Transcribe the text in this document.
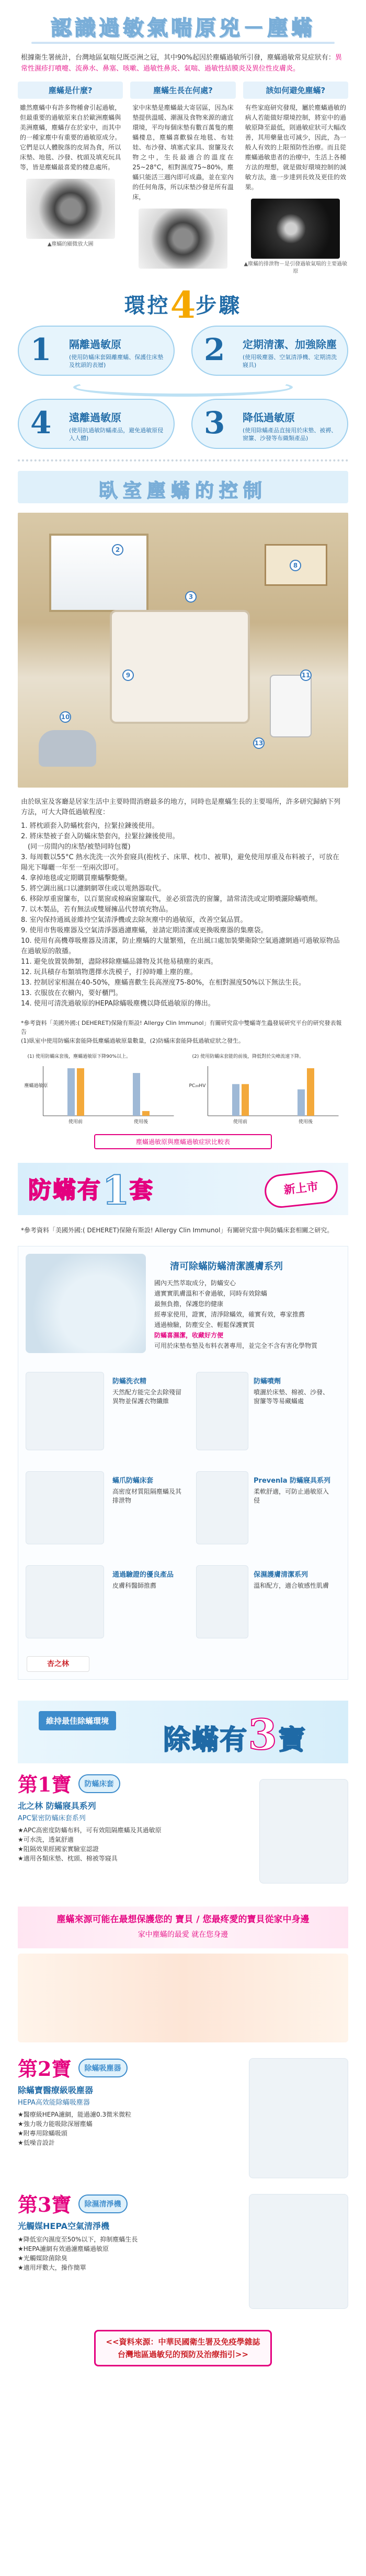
認識過敏氣喘原兇－塵蟎
根據衛生署統計，台灣地區氣喘兒既亞洲之冠，其中90%起因於塵蟎過敏所引發，塵蟎過敏常見症狀有：異常性濕疹打噴嚏、流鼻水、鼻塞、咳嗽、過敏性鼻炎、氣喘、過敏性結膜炎及異位性皮膚炎。
塵蟎是什麼?
雖然塵蟎中有許多物種會引起過敏，但最重要的過敏原來自於歐洲塵蟎與美洲塵蟎，塵蟎存在於家中，而其中的一種家塵中有重要的過敏原成分。它們是以人體脫落的皮屑為食，所以床墊、地毯、沙發、枕頭及填充玩具等，皆是塵蟎最喜愛的棲息處所。
▲塵蟎的顯微放大圖
塵蟎生長在何處?
家中床墊是塵蟎最大寄居區，因為床墊提供溫暖、潮濕及食物來源的適宜環境，平均每個床墊有數百萬隻的塵蟎棲息，塵蟎喜歡躲在地毯、布娃娃、布沙發、填塞式家具、窗簾及衣物之中，生長最適合的溫度在25~28°C，相對濕度75~80%，塵蟎只能活三週內即可成蟲，並在室內的任何角落，所以床墊沙發是所有溫床，
該如何避免塵蟎?
有些家庭研究發現，屬於塵蟎過敏的病人若能做好環境控制，將室中的過敏原降至最低，則過敏症狀可大幅改善，其用藥量也可減少，因此，為一般人有效的上限預防性治療。而且從塵蟎過敏患者的治療中，生活上各種方法的理想，就是做好環境控制的減敏方法，進一步達到長效及更佳的效果。
▲塵蟎的排泄物－是引發過敏氣喘的主要過敏原
環控4步驟
1 隔離過敏原
(使用防蟎床套隔離塵蟎、保護住床墊及枕頭的表層)	2 定期清潔、加強除塵
(使用吸塵器、空氣清淨機、定期清洗寢具)
4 遠離過敏原
(使用抗過敏防蟎產品，避免過敏原侵入人體)	3 降低過敏原
(使用除蟎產品直接用於床墊、被褥、窗簾、沙發等布織類產品)
臥室塵蟎的控制
2
3
8
9
10
11
13
由於臥室及客廳是居家生活中主要時間消磨最多的地方，同時也是塵蟎生長的主要場所，許多研究歸納下列方法，可大大降低過敏程度：
1. 將枕頭套入防蟎枕套內，拉緊拉鍊後使用。
2. 將床墊被子套入防蟎床墊套內，拉緊拉鍊後使用。
　(同一房間內的床墊/被墊同時包覆)
3. 每周數以55°C 熱水洗洗一次外套寢具(抱枕子、床單、枕巾、被單)，避免使用厚重及布料被子，可放在陽光下曝曬一年至一至兩次即可。
4. 拿掉地毯或定期購買塵蟎擊斃藥。
5. 將空調出風口以濾網網罩住或以電熱器取代。
6. 移除厚重窗簾布，以百葉窗或棉麻窗簾取代，並必須當洗的窗簾，請常清洗或定期噴灑除蟎噴劑。
7. 以木製品，若有無法或雙層擁品代替填充物品。
8. 室內保持通風並維持空氣清淨機或去除灰塵中的過敏原，改善空氣品質。
9. 使用市售吸塵器及空氣清淨器過濾塵蟎，並請定期清潔或更換吸塵器的集塵袋。
10. 使用有高機尊吸塵器及清潔，防止塵蟎的大量繁殖，在出風口處加裝樂衛除空氣過濾網過可過敏原物品在過敏原的散播。
11. 避免放置裝飾類，盡除移除塵蟎品雜物及其他易積塵的東西。
12. 玩具積存布類填物選擇水洗模子，打掉時雕上塵的塵。
13. 控制居家相濕在40-50%，塵蟎喜歡生長高溼度75-80%，在相對濕度50%以下無法生長。
13. 衣服放在衣櫥內，要好櫃門。
14. 使用可清洗過敏原的HEPA除蟎吸塵機以降低過敏原的傳出。
*參考資料「美國外國:( DEHERET)保險有斯設! Allergy Clin Immunol」有關研究當中雙蟎寄生蟲發展研究平台的研究發表報告
(1)臥室中使用防蟎床套能降低塵蟎過敏原量數量，(2)防蟎床套能降低過敏症狀之發生。
(1) 使用防蟎床套後，塵蟎過敏原下降90%以上。
塵蟎過敏原
使用前	使用後
(2) 使用防蟎床套能的前後，降低對於尖峰流速下降。
PC₂₀HV
使用前	使用後
塵蟎過敏原與塵蟎過敏症狀比較表
防蟎有1套	新上市
*參考資料「美國外國:( DEHERET)保險有斯設! Allergy Clin Immunol」有關研究當中與防蟎床套相關之研究。
清可除蟎防蟎清潔護膚系列
國內天然萃取成分，防蟎安心
適實實肌膚溫和不會過敏，同時有效除蟎
最無負擔，保護您的健康
經專家使用，證實，清淨除蟎效，確實有效，專家推薦
通過檢驗，防塵安全、輕鬆保護實質
防蟎喜濕潔，收藏好方便
可用於床墊布墊及布料衣著專用，並完全不含有害化學物質
防蟎洗衣精
天然配方能完全去除殘留異物並保護衣物纖維
防蟎噴劑
噴灑於床墊、棉被、沙發、窗簾等等易藏蟎處
蟎爪防蟎床套
高密度材質阻隔塵蟎及其排泄物
Prevenla 防蟎寢具系列
柔軟舒適，可防止過敏原入侵
通過驗證的優良產品
皮膚科醫師推薦
保濕護膚清潔系列
溫和配方，適合敏感性肌膚
杏之林
維持最佳除蟎環境
除蟎有3寶
第1寶 防蟎床套
北之林 防蟎寢具系列
APC緊密防蟎床套系列
★APC高密度防蟎布料，可有效阻隔塵蟎及其過敏原
★可水洗，透氣舒適
★阻隔效果經國家實驗室認證
★適用各類床墊、枕頭、棉被等寢具
塵蟎來源可能在最想保護您的 寶貝 / 您最疼愛的寶貝從家中身邊
家中塵蟎的最愛 就在您身邊
第2寶 除蟎吸塵器
除蟎寶醫療級吸塵器
HEPA高效能除蟎吸塵器
★醫療級HEPA濾網，能過濾0.3微米微粒
★強力吸力能吸除深層塵蟎
★附專用除蟎吸頭
★低噪音設計
第3寶 除濕清淨機
光觸媒HEPA空氣清淨機
★降低室內濕度至50%以下，抑制塵蟎生長
★HEPA濾網有效過濾塵蟎過敏原
★光觸媒除菌除臭
★適用坪數大，操作簡單
<<資料來源：中華民國衛生署及免疫學雜誌
台灣地區過敏兒的預防及治療指引>>
